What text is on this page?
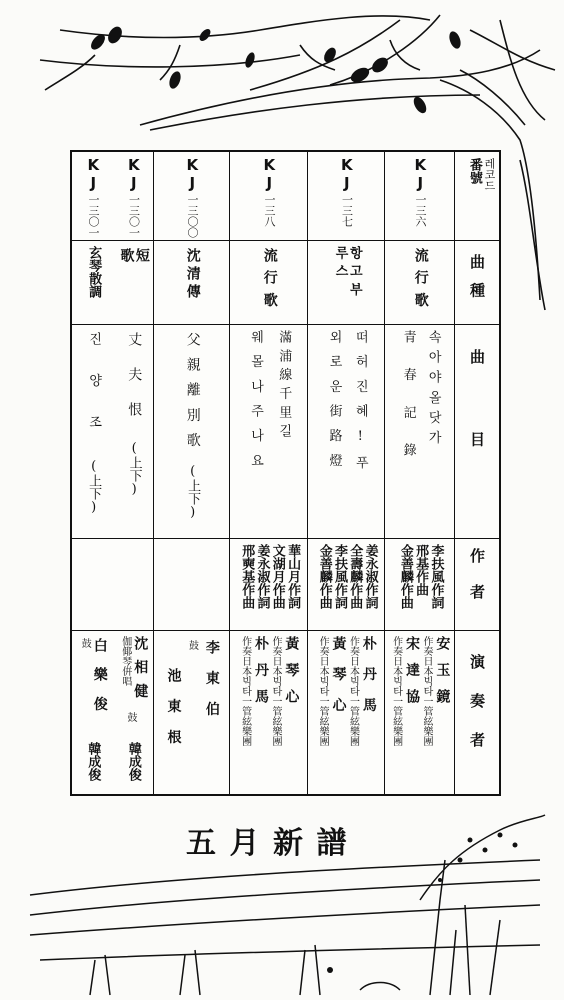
番號 레코드
曲種
曲目
作者
演奏者
KJ
一三六
流行歌
속아야올닷가
青春記錄
李扶風作詞
邢基作曲
金善麟作曲
安玉鏡
作奏日本빅타一管絃樂團
宋達協
作奏日本빅타一管絃樂團
KJ
一三七
항고부루스
떠허진혜!푸
외로운街路燈
姜永淑作詞
全壽麟作曲
李扶風作詞
金善麟作曲
朴丹馬
作奏日本빅타一管絃樂團
黃琴心
作奏日本빅타一管絃樂團
KJ
一三八
流行歌
滿浦線千里길
웨몰나주나요
華山月作詞
文湖月作曲
姜永淑作詞
邢奭基作曲
黃琴心
作奏日本빅타一管絃樂團
朴丹馬
作奏日本빅타一管絃樂團
KJ
一三〇〇
沈清傳
父親離別歌
(上下)
李東伯
鼓
池東根
KJ
一三〇一
短歌
丈夫恨
(上下)
沈相健
伽倻琴倂唱
KJ
一三〇一
玄琴散調
진양조
(上下)
白樂俊
鼓
韓成俊
韓成俊
鼓
五月新譜
